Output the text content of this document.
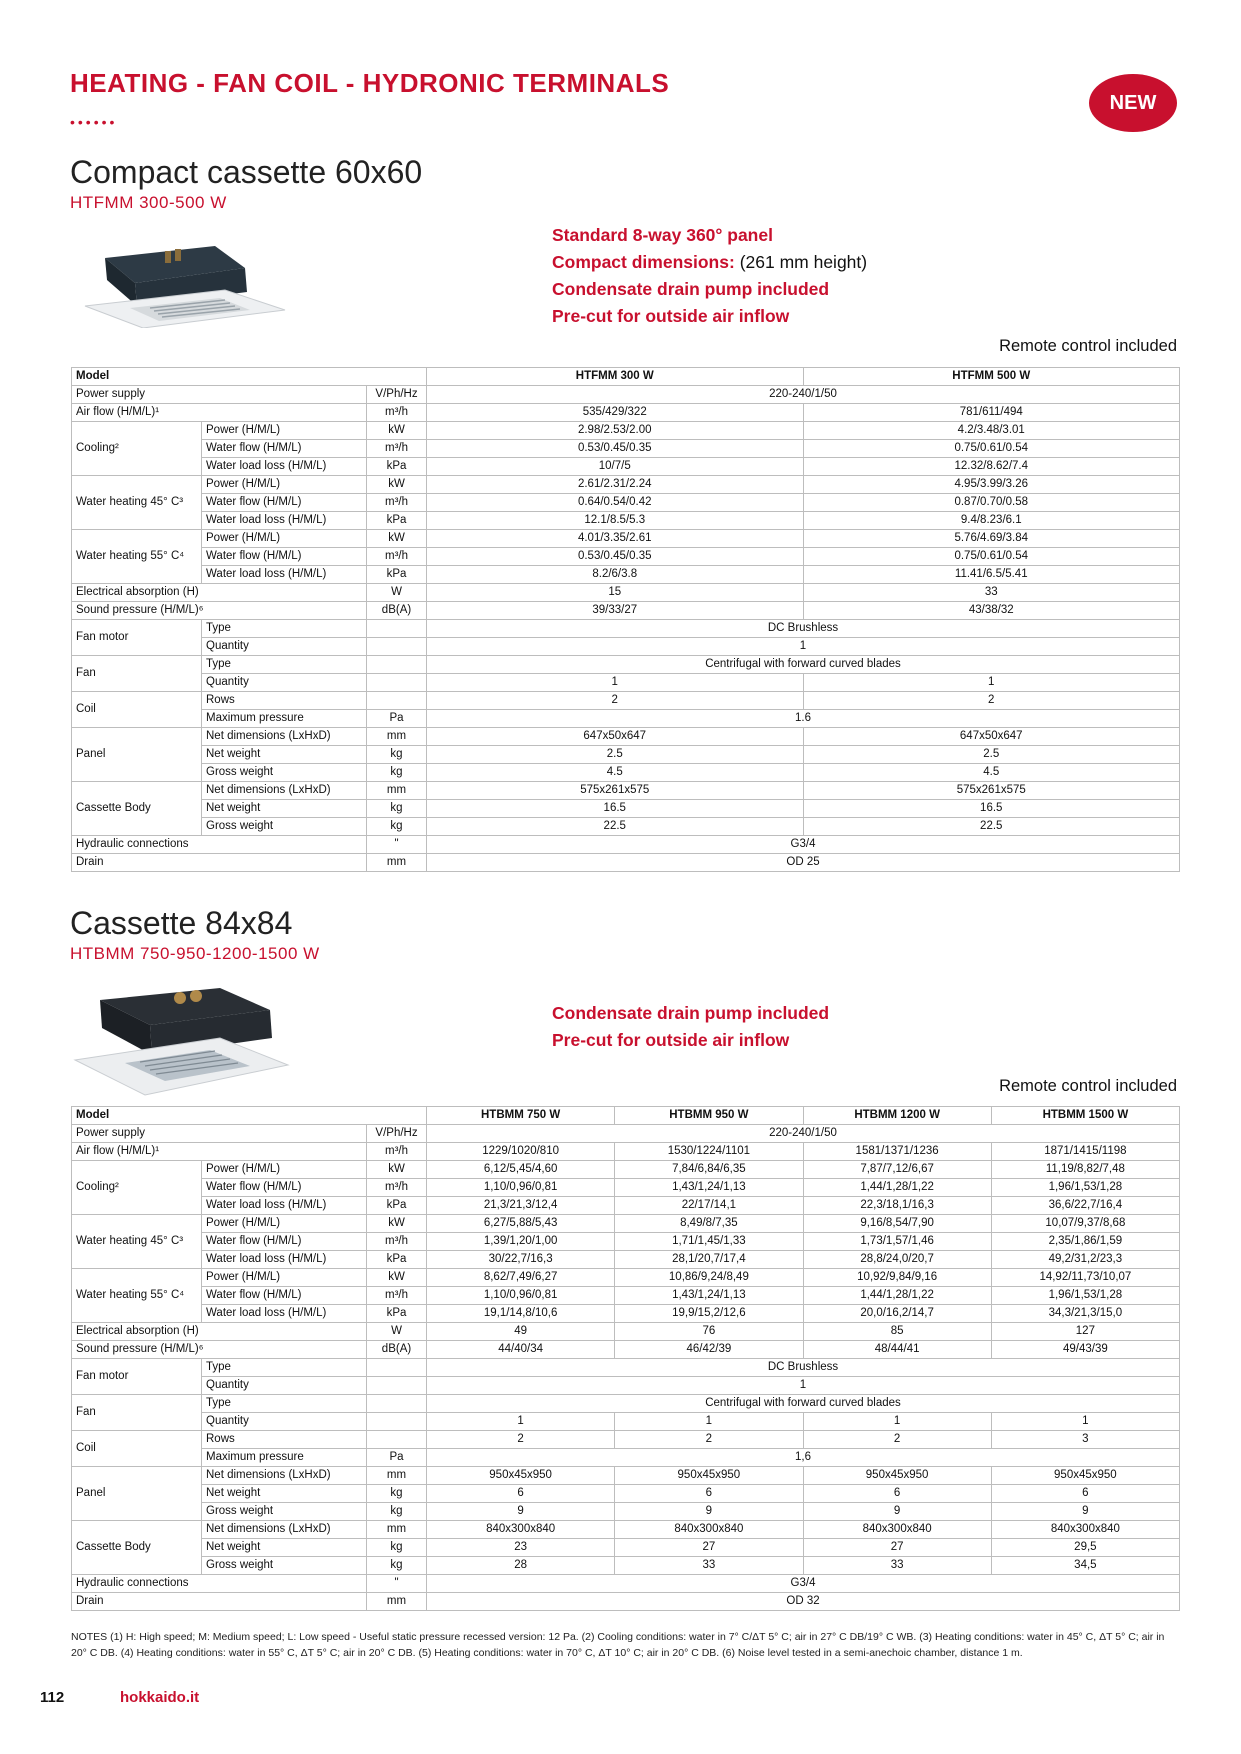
HEATING - FAN COIL - HYDRONIC TERMINALS
••••••
NEW
Compact cassette 60x60
HTFMM 300-500 W
Standard 8-way 360° panel
Compact dimensions: (261 mm height)
Condensate drain pump included
Pre-cut for outside air inflow
Remote control included
Model			HTFMM 300 W	HTFMM 500 W
Power supply		V/Ph/Hz	220-240/1/50	
Air flow (H/M/L)¹		m³/h	535/429/322	781/611/494
Cooling²	Power (H/M/L)	kW	2.98/2.53/2.00	4.2/3.48/3.01
	Water flow (H/M/L)	m³/h	0.53/0.45/0.35	0.75/0.61/0.54
	Water load loss (H/M/L)	kPa	10/7/5	12.32/8.62/7.4
Water heating 45° C³	Power (H/M/L)	kW	2.61/2.31/2.24	4.95/3.99/3.26
	Water flow (H/M/L)	m³/h	0.64/0.54/0.42	0.87/0.70/0.58
	Water load loss (H/M/L)	kPa	12.1/8.5/5.3	9.4/8.23/6.1
Water heating 55° C⁴	Power (H/M/L)	kW	4.01/3.35/2.61	5.76/4.69/3.84
	Water flow (H/M/L)	m³/h	0.53/0.45/0.35	0.75/0.61/0.54
	Water load loss (H/M/L)	kPa	8.2/6/3.8	11.41/6.5/5.41
Electrical absorption (H)		W	15	33
Sound pressure (H/M/L)⁶		dB(A)	39/33/27	43/38/32
Fan motor	Type		DC Brushless	
	Quantity		1	
Fan	Type		Centrifugal with forward curved blades	
	Quantity		1	1
Coil	Rows		2	2
	Maximum pressure	Pa	1.6	
Panel	Net dimensions (LxHxD)	mm	647x50x647	647x50x647
	Net weight	kg	2.5	2.5
	Gross weight	kg	4.5	4.5
Cassette Body	Net dimensions (LxHxD)	mm	575x261x575	575x261x575
	Net weight	kg	16.5	16.5
	Gross weight	kg	22.5	22.5
Hydraulic connections		"	G3/4	
Drain		mm	OD 25	
Cassette 84x84
HTBMM 750-950-1200-1500 W
Condensate drain pump included
Pre-cut for outside air inflow
Remote control included
Model			HTBMM 750 W	HTBMM 950 W	HTBMM 1200 W	HTBMM 1500 W
Power supply		V/Ph/Hz	220-240/1/50			
Air flow (H/M/L)¹		m³/h	1229/1020/810	1530/1224/1101	1581/1371/1236	1871/1415/1198
Cooling²	Power (H/M/L)	kW	6,12/5,45/4,60	7,84/6,84/6,35	7,87/7,12/6,67	11,19/8,82/7,48
	Water flow (H/M/L)	m³/h	1,10/0,96/0,81	1,43/1,24/1,13	1,44/1,28/1,22	1,96/1,53/1,28
	Water load loss (H/M/L)	kPa	21,3/21,3/12,4	22/17/14,1	22,3/18,1/16,3	36,6/22,7/16,4
Water heating 45° C³	Power (H/M/L)	kW	6,27/5,88/5,43	8,49/8/7,35	9,16/8,54/7,90	10,07/9,37/8,68
	Water flow (H/M/L)	m³/h	1,39/1,20/1,00	1,71/1,45/1,33	1,73/1,57/1,46	2,35/1,86/1,59
	Water load loss (H/M/L)	kPa	30/22,7/16,3	28,1/20,7/17,4	28,8/24,0/20,7	49,2/31,2/23,3
Water heating 55° C⁴	Power (H/M/L)	kW	8,62/7,49/6,27	10,86/9,24/8,49	10,92/9,84/9,16	14,92/11,73/10,07
	Water flow (H/M/L)	m³/h	1,10/0,96/0,81	1,43/1,24/1,13	1,44/1,28/1,22	1,96/1,53/1,28
	Water load loss (H/M/L)	kPa	19,1/14,8/10,6	19,9/15,2/12,6	20,0/16,2/14,7	34,3/21,3/15,0
Electrical absorption (H)		W	49	76	85	127
Sound pressure (H/M/L)⁶		dB(A)	44/40/34	46/42/39	48/44/41	49/43/39
Fan motor	Type		DC Brushless			
	Quantity		1			
Fan	Type		Centrifugal with forward curved blades			
	Quantity		1	1	1	1
Coil	Rows		2	2	2	3
	Maximum pressure	Pa	1,6			
Panel	Net dimensions (LxHxD)	mm	950x45x950	950x45x950	950x45x950	950x45x950
	Net weight	kg	6	6	6	6
	Gross weight	kg	9	9	9	9
Cassette Body	Net dimensions (LxHxD)	mm	840x300x840	840x300x840	840x300x840	840x300x840
	Net weight	kg	23	27	27	29,5
	Gross weight	kg	28	33	33	34,5
Hydraulic connections		"	G3/4			
Drain		mm	OD 32			
NOTES (1) H: High speed; M: Medium speed; L: Low speed - Useful static pressure recessed version: 12 Pa. (2) Cooling conditions: water in 7° C/ΔT 5° C; air in 27° C DB/19° C WB. (3) Heating conditions: water in 45° C, ΔT 5° C; air in 20° C DB. (4) Heating conditions: water in 55° C, ΔT 5° C; air in 20° C DB. (5) Heating conditions: water in 70° C, ΔT 10° C; air in 20° C DB. (6) Noise level tested in a semi-anechoic chamber, distance 1 m.
112	hokkaido.it
